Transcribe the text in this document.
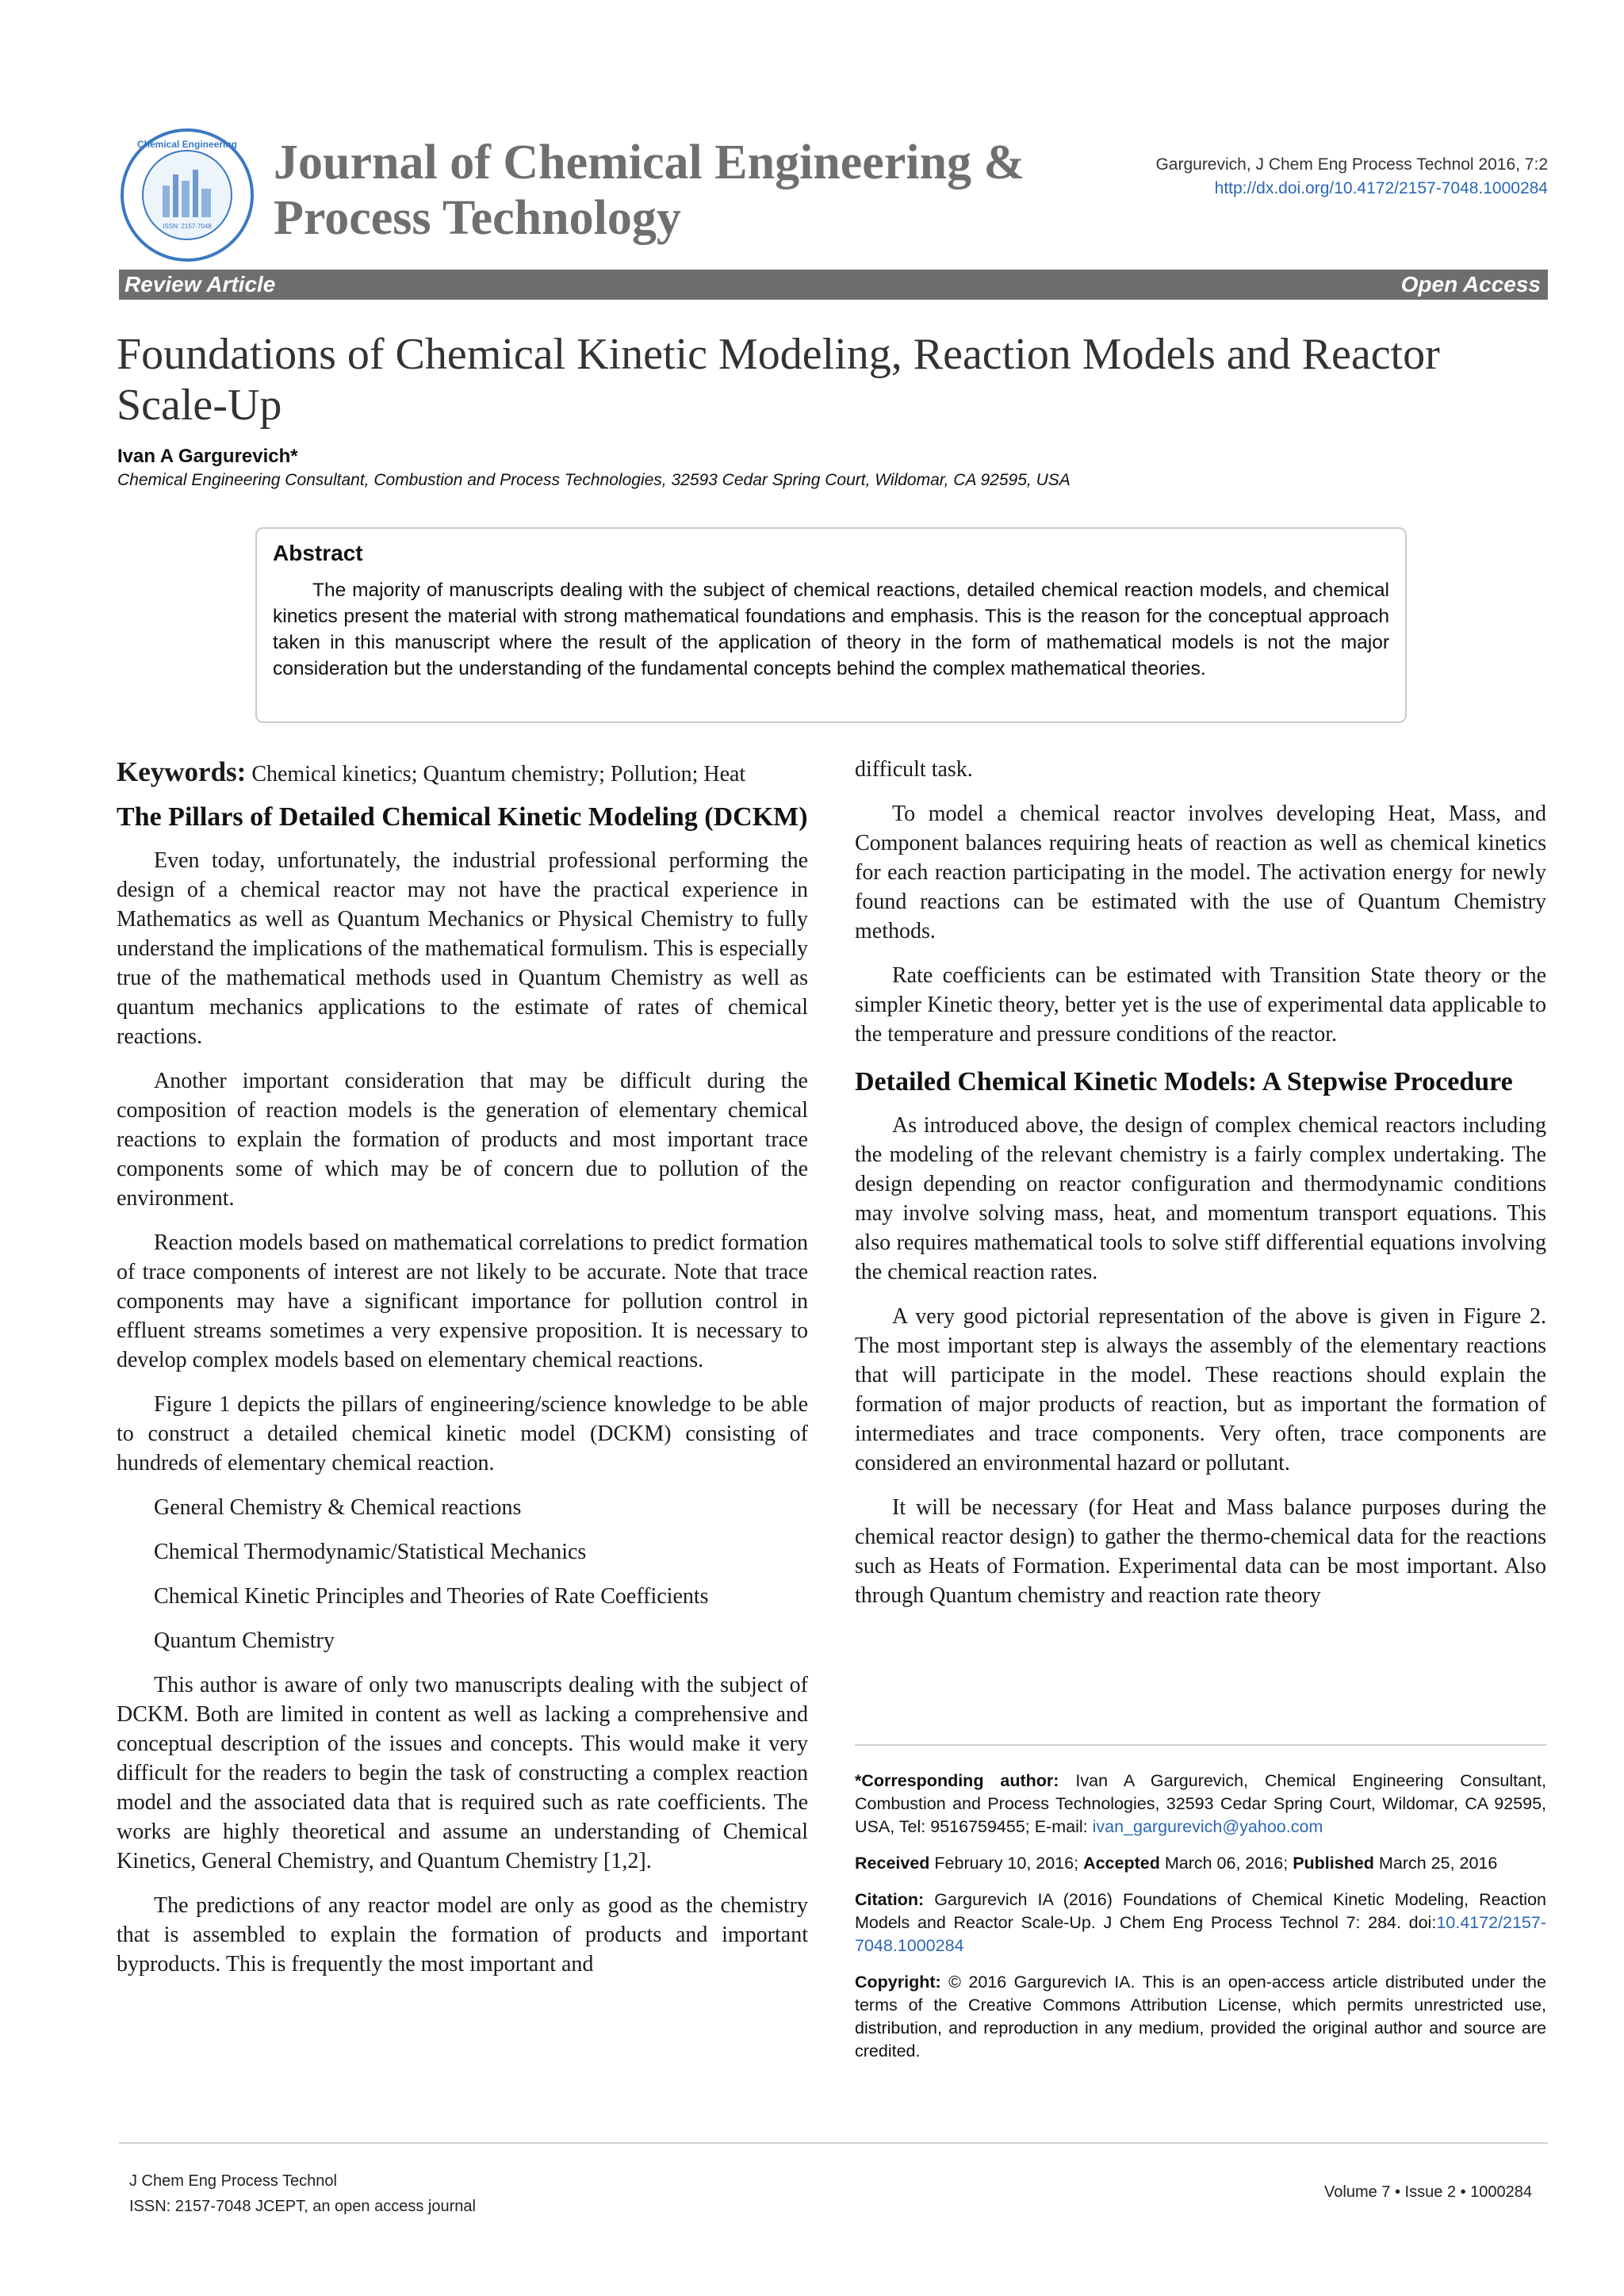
ISSN: 2157-7048
Chemical Engineering Journal of Chemical Engineering &
Process Technology
Gargurevich, J Chem Eng Process Technol 2016, 7:2
http://dx.doi.org/10.4172/2157-7048.1000284
Review Article	Open Access
Foundations of Chemical Kinetic Modeling, Reaction Models and Reactor Scale-Up
Ivan A Gargurevich*
Chemical Engineering Consultant, Combustion and Process Technologies, 32593 Cedar Spring Court, Wildomar, CA 92595, USA
Abstract

The majority of manuscripts dealing with the subject of chemical reactions, detailed chemical reaction models, and chemical kinetics present the material with strong mathematical foundations and emphasis. This is the reason for the conceptual approach taken in this manuscript where the result of the application of theory in the form of mathematical models is not the major consideration but the understanding of the fundamental concepts behind the complex mathematical theories.

Keywords: Chemical kinetics; Quantum chemistry; Pollution; Heat

The Pillars of Detailed Chemical Kinetic Modeling (DCKM)

Even today, unfortunately, the industrial professional performing the design of a chemical reactor may not have the practical experience in Mathematics as well as Quantum Mechanics or Physical Chemistry to fully understand the implications of the mathematical formulism. This is especially true of the mathematical methods used in Quantum Chemistry as well as quantum mechanics applications to the estimate of rates of chemical reactions.

Another important consideration that may be difficult during the composition of reaction models is the generation of elementary chemical reactions to explain the formation of products and most important trace components some of which may be of concern due to pollution of the environment.

Reaction models based on mathematical correlations to predict formation of trace components of interest are not likely to be accurate. Note that trace components may have a significant importance for pollution control in effluent streams sometimes a very expensive proposition. It is necessary to develop complex models based on elementary chemical reactions.

Figure 1 depicts the pillars of engineering/science knowledge to be able to construct a detailed chemical kinetic model (DCKM) consisting of hundreds of elementary chemical reaction.

General Chemistry & Chemical reactions
Chemical Thermodynamic/Statistical Mechanics
Chemical Kinetic Principles and Theories of Rate Coefficients
Quantum Chemistry

This author is aware of only two manuscripts dealing with the subject of DCKM. Both are limited in content as well as lacking a comprehensive and conceptual description of the issues and concepts. This would make it very difficult for the readers to begin the task of constructing a complex reaction model and the associated data that is required such as rate coefficients. The works are highly theoretical and assume an understanding of Chemical Kinetics, General Chemistry, and Quantum Chemistry [1,2].

The predictions of any reactor model are only as good as the chemistry that is assembled to explain the formation of products and important byproducts. This is frequently the most important and

difficult task.

To model a chemical reactor involves developing Heat, Mass, and Component balances requiring heats of reaction as well as chemical kinetics for each reaction participating in the model. The activation energy for newly found reactions can be estimated with the use of Quantum Chemistry methods.

Rate coefficients can be estimated with Transition State theory or the simpler Kinetic theory, better yet is the use of experimental data applicable to the temperature and pressure conditions of the reactor.

Detailed Chemical Kinetic Models: A Stepwise Procedure

As introduced above, the design of complex chemical reactors including the modeling of the relevant chemistry is a fairly complex undertaking. The design depending on reactor configuration and thermodynamic conditions may involve solving mass, heat, and momentum transport equations. This also requires mathematical tools to solve stiff differential equations involving the chemical reaction rates.

A very good pictorial representation of the above is given in Figure 2. The most important step is always the assembly of the elementary reactions that will participate in the model. These reactions should explain the formation of major products of reaction, but as important the formation of intermediates and trace components. Very often, trace components are considered an environmental hazard or pollutant.

It will be necessary (for Heat and Mass balance purposes during the chemical reactor design) to gather the thermo-chemical data for the reactions such as Heats of Formation. Experimental data can be most important. Also through Quantum chemistry and reaction rate theory

*Corresponding author: Ivan A Gargurevich, Chemical Engineering Consultant, Combustion and Process Technologies, 32593 Cedar Spring Court, Wildomar, CA 92595, USA, Tel: 9516759455; E-mail: ivan_gargurevich@yahoo.com

Received February 10, 2016; Accepted March 06, 2016; Published March 25, 2016

Citation: Gargurevich IA (2016) Foundations of Chemical Kinetic Modeling, Reaction Models and Reactor Scale-Up. J Chem Eng Process Technol 7: 284. doi:10.4172/2157-7048.1000284

Copyright: © 2016 Gargurevich IA. This is an open-access article distributed under the terms of the Creative Commons Attribution License, which permits unrestricted use, distribution, and reproduction in any medium, provided the original author and source are credited.

J Chem Eng Process Technol
ISSN: 2157-7048 JCEPT, an open access journal
Volume 7 • Issue 2 • 1000284
